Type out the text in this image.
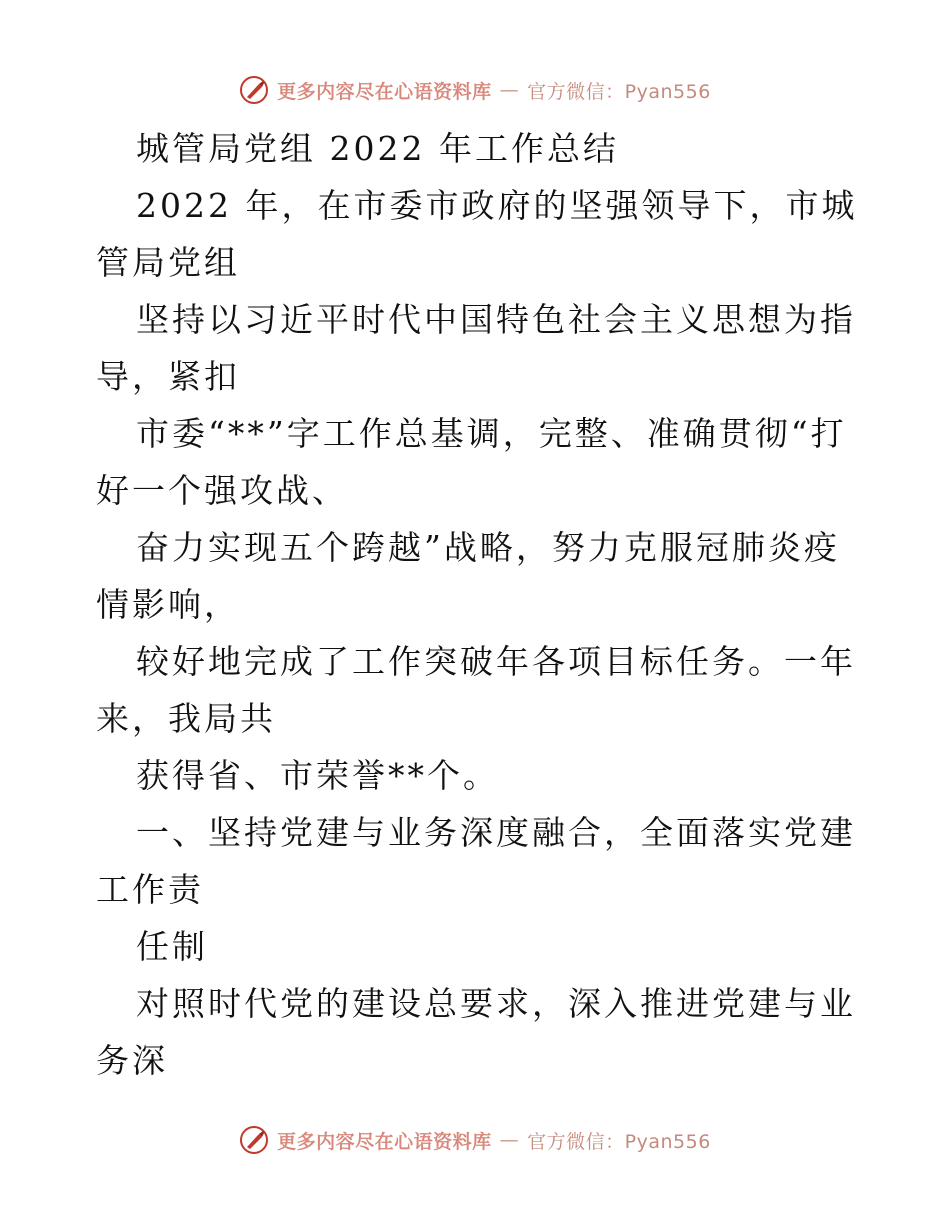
更多内容尽在心语资料库 — 官方微信：Pyan556

城管局党组 2022 年工作总结

2022 年，在市委市政府的坚强领导下，市城管局党组

坚持以习近平时代中国特色社会主义思想为指导，紧扣

市委“**”字工作总基调，完整、准确贯彻“打好一个强攻战、

奋力实现五个跨越”战略，努力克服冠肺炎疫情影响，

较好地完成了工作突破年各项目标任务。一年来，我局共

获得省、市荣誉**个。

一、坚持党建与业务深度融合，全面落实党建工作责

任制

对照时代党的建设总要求，深入推进党建与业务深

更多内容尽在心语资料库 — 官方微信：Pyan556
